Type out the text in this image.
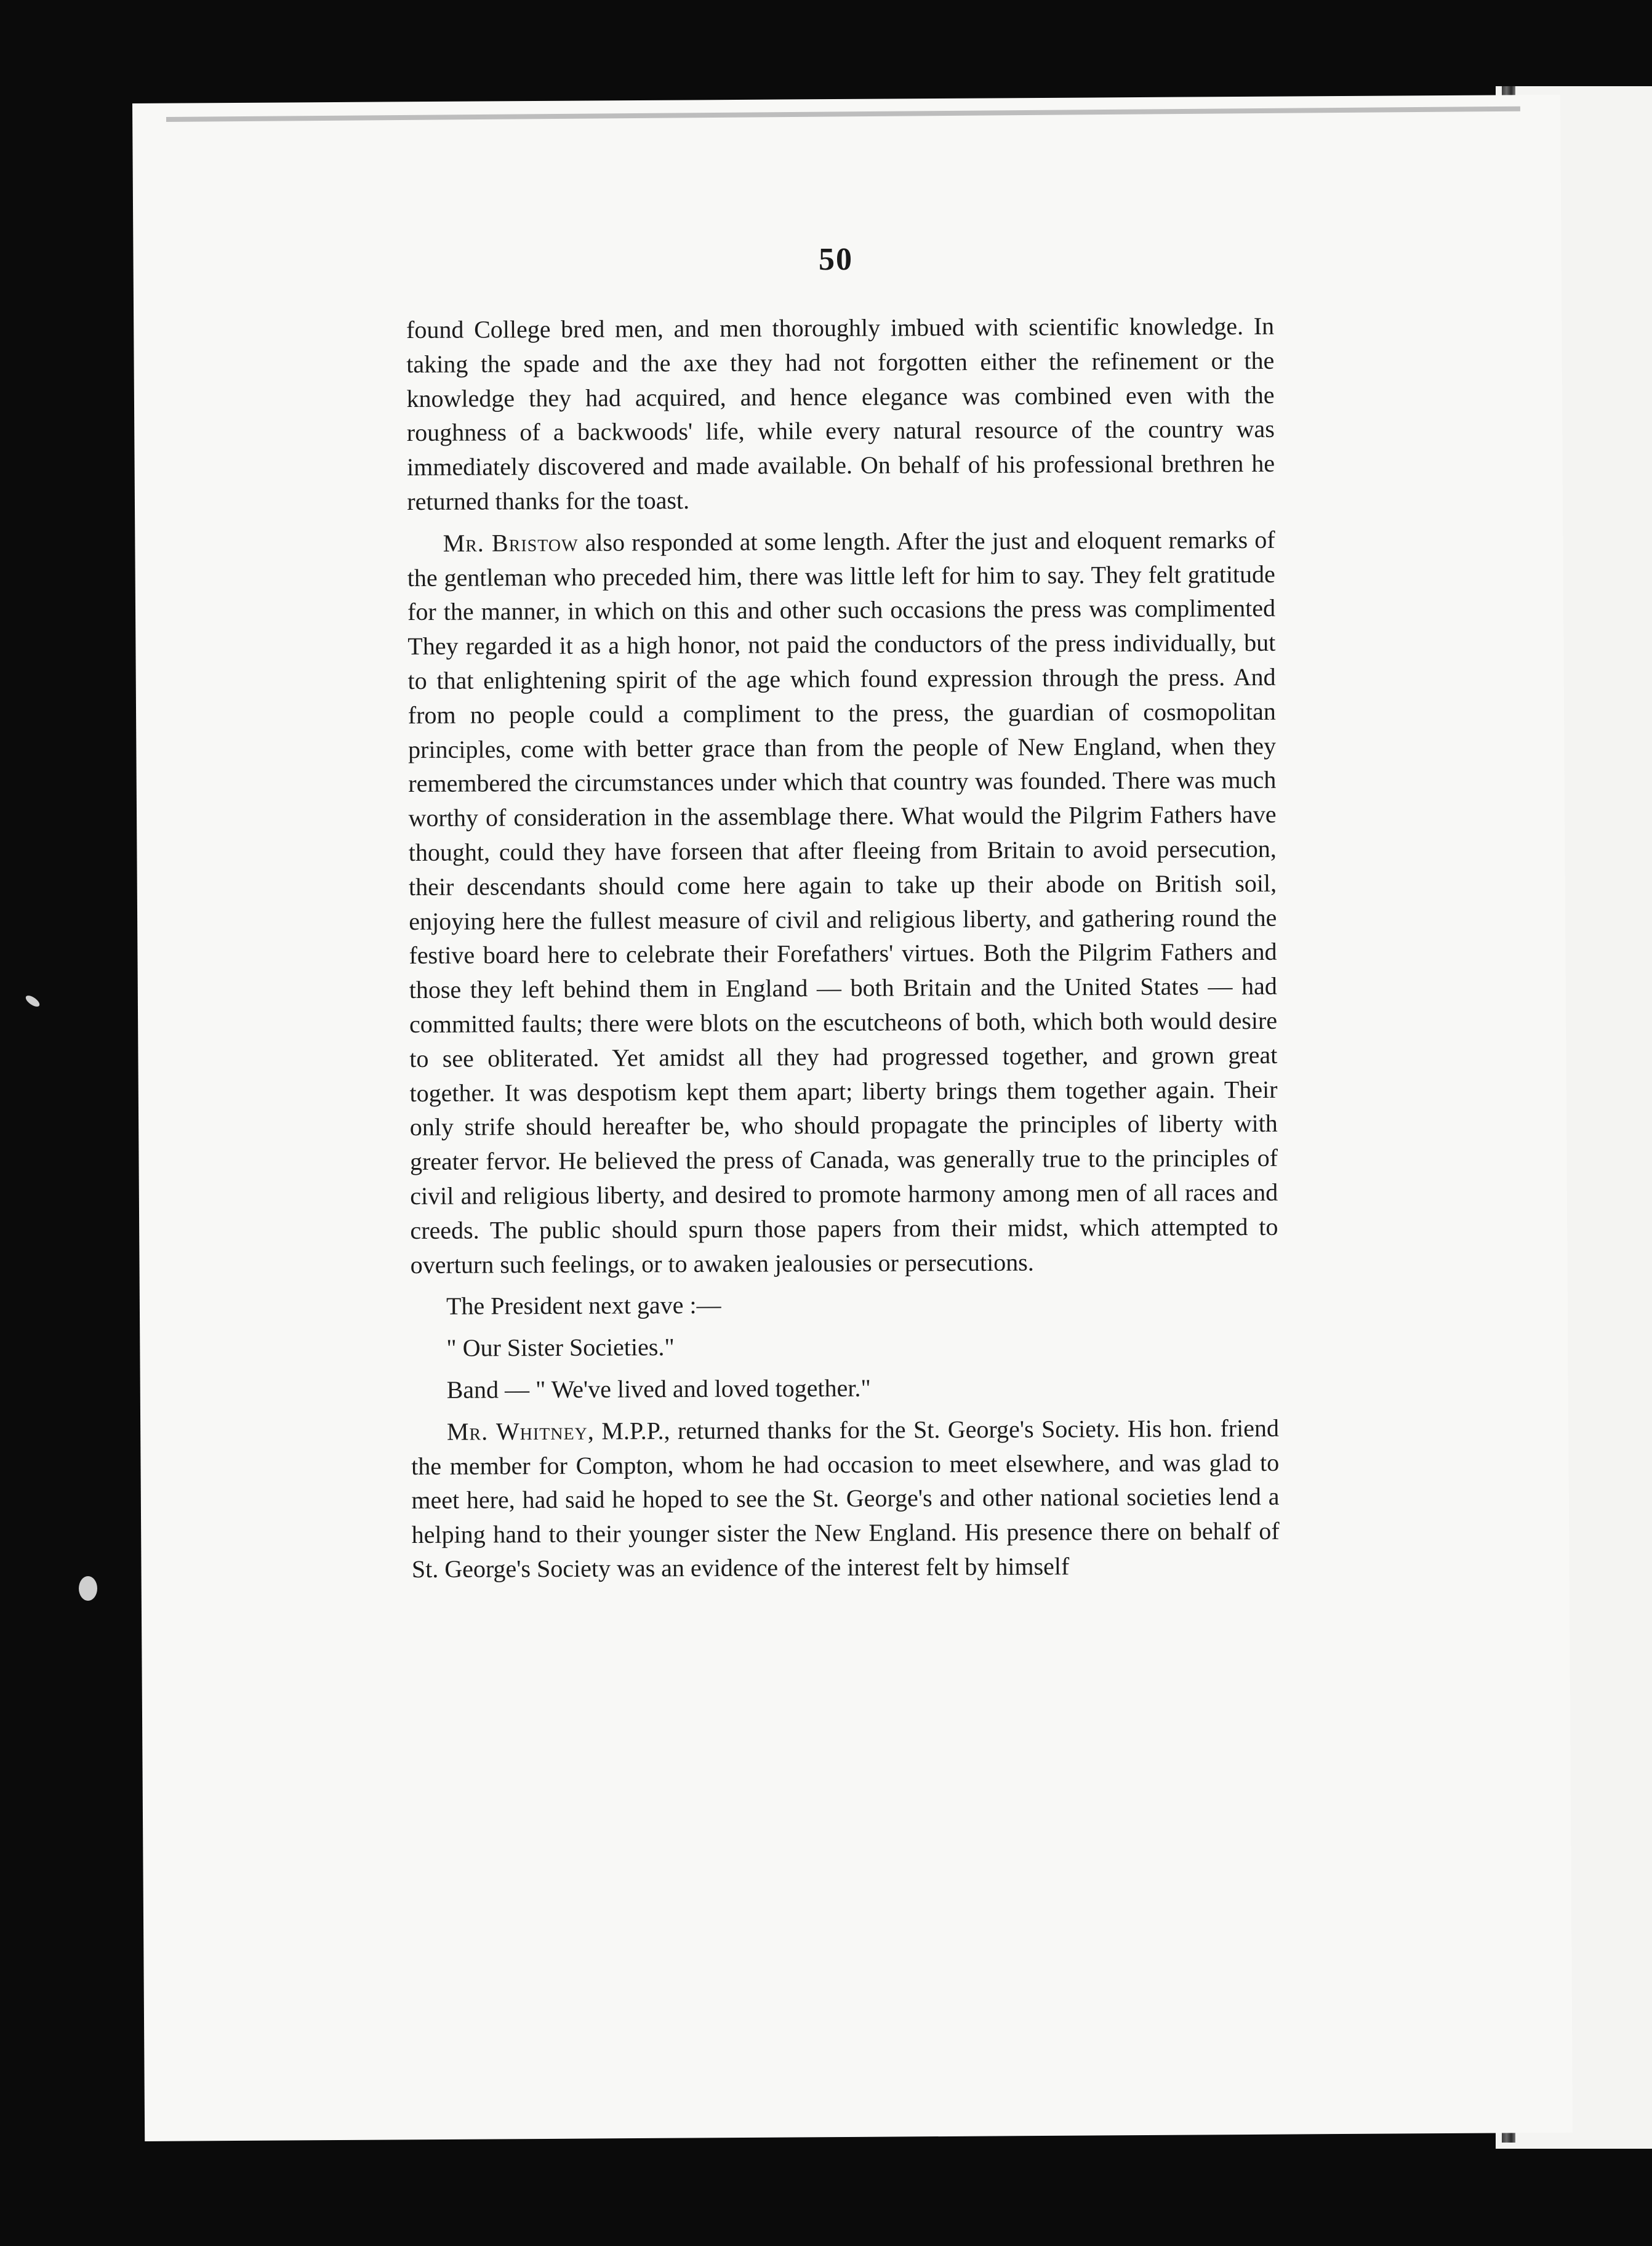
50

found College bred men, and men thoroughly imbued with scientific knowledge. In taking the spade and the axe they had not forgotten either the refinement or the knowledge they had acquired, and hence elegance was combined even with the roughness of a backwoods' life, while every natural resource of the country was immediately discovered and made available. On behalf of his professional brethren he returned thanks for the toast.

Mr. Bristow also responded at some length. After the just and eloquent remarks of the gentleman who preceded him, there was little left for him to say. They felt gratitude for the manner, in which on this and other such occasions the press was complimented They regarded it as a high honor, not paid the conductors of the press individually, but to that enlightening spirit of the age which found expression through the press. And from no people could a compliment to the press, the guardian of cosmopolitan principles, come with better grace than from the people of New England, when they remembered the circumstances under which that country was founded. There was much worthy of consideration in the assemblage there. What would the Pilgrim Fathers have thought, could they have forseen that after fleeing from Britain to avoid persecution, their descendants should come here again to take up their abode on British soil, enjoying here the fullest measure of civil and religious liberty, and gathering round the festive board here to celebrate their Forefathers' virtues. Both the Pilgrim Fathers and those they left behind them in England — both Britain and the United States — had committed faults; there were blots on the escutcheons of both, which both would desire to see obliterated. Yet amidst all they had progressed together, and grown great together. It was despotism kept them apart; liberty brings them together again. Their only strife should hereafter be, who should propagate the principles of liberty with greater fervor. He believed the press of Canada, was generally true to the principles of civil and religious liberty, and desired to promote harmony among men of all races and creeds. The public should spurn those papers from their midst, which attempted to overturn such feelings, or to awaken jealousies or persecutions.

The President next gave :—

" Our Sister Societies."

Band — " We've lived and loved together."

Mr. Whitney, M.P.P., returned thanks for the St. George's Society. His hon. friend the member for Compton, whom he had occasion to meet elsewhere, and was glad to meet here, had said he hoped to see the St. George's and other national societies lend a helping hand to their younger sister the New England. His presence there on behalf of St. George's Society was an evidence of the interest felt by himself
